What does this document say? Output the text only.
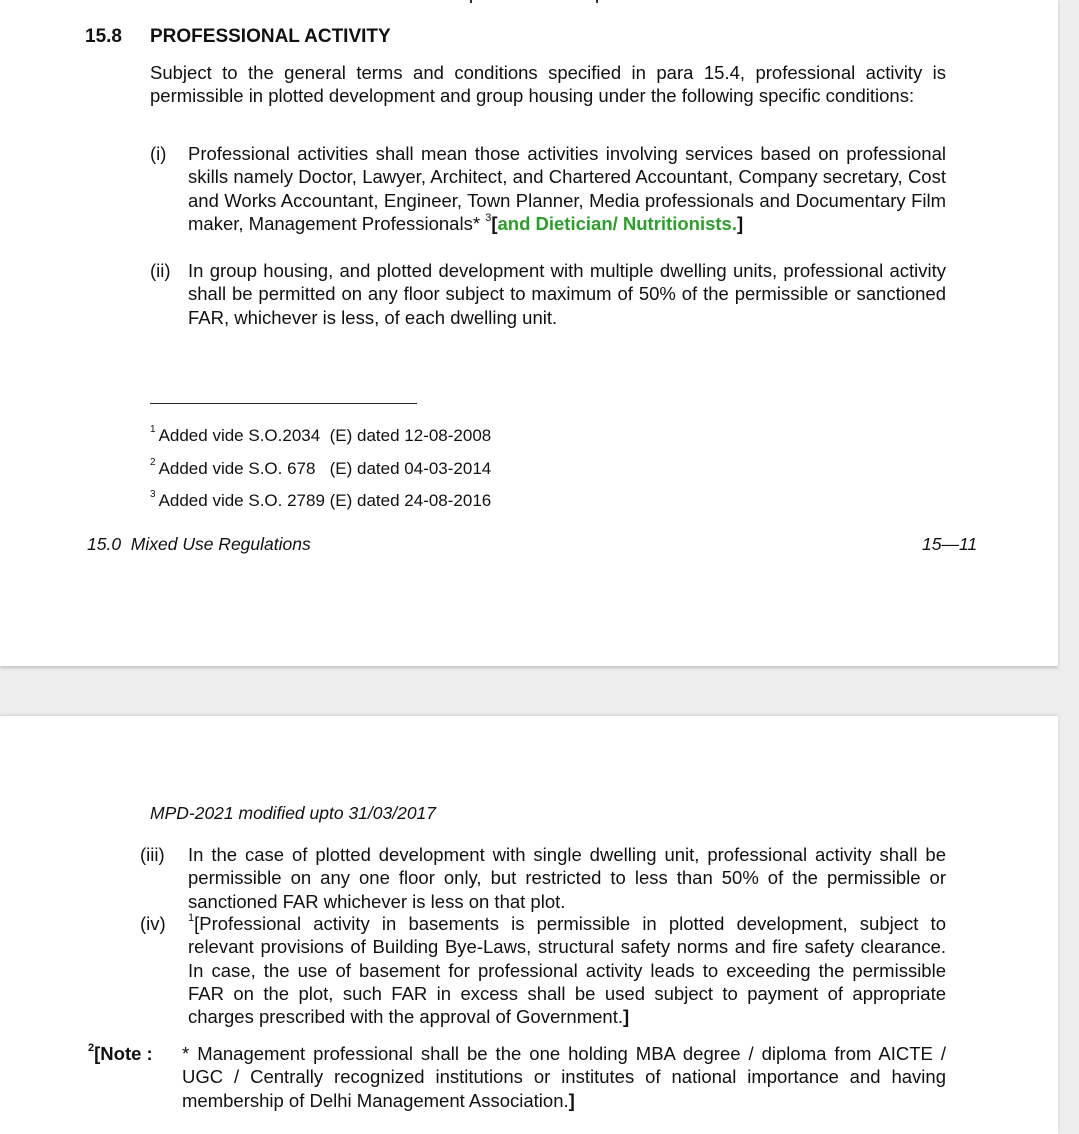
15.8 PROFESSIONAL ACTIVITY
Subject to the general terms and conditions specified in para 15.4, professional activity is permissible in plotted development and group housing under the following specific conditions:
(i) Professional activities shall mean those activities involving services based on professional skills namely Doctor, Lawyer, Architect, and Chartered Accountant, Company secretary, Cost and Works Accountant, Engineer, Town Planner, Media professionals and Documentary Film maker, Management Professionals* $^3$[and Dietician/ Nutritionists.]
(ii) In group housing, and plotted development with multiple dwelling units, professional activity shall be permitted on any floor subject to maximum of 50% of the permissible or sanctioned FAR, whichever is less, of each dwelling unit.
$^1$ Added vide S.O.2034  (E) dated 12-08-2008
$^2$ Added vide S.O. 678   (E) dated 04-03-2014
$^3$ Added vide S.O. 2789 (E) dated 24-08-2016
15.0  Mixed Use Regulations	15—11
MPD-2021 modified upto 31/03/2017
(iii) In the case of plotted development with single dwelling unit, professional activity shall be permissible on any one floor only, but restricted to less than 50% of the permissible or sanctioned FAR whichever is less on that plot.
(iv) $^1$[Professional activity in basements is permissible in plotted development, subject to relevant provisions of Building Bye-Laws, structural safety norms and fire safety clearance. In case, the use of basement for professional activity leads to exceeding the permissible FAR on the plot, such FAR in excess shall be used subject to payment of appropriate charges prescribed with the approval of Government.]
$^2$[Note : * Management professional shall be the one holding MBA degree / diploma from AICTE / UGC / Centrally recognized institutions or institutes of national importance and having membership of Delhi Management Association.]
